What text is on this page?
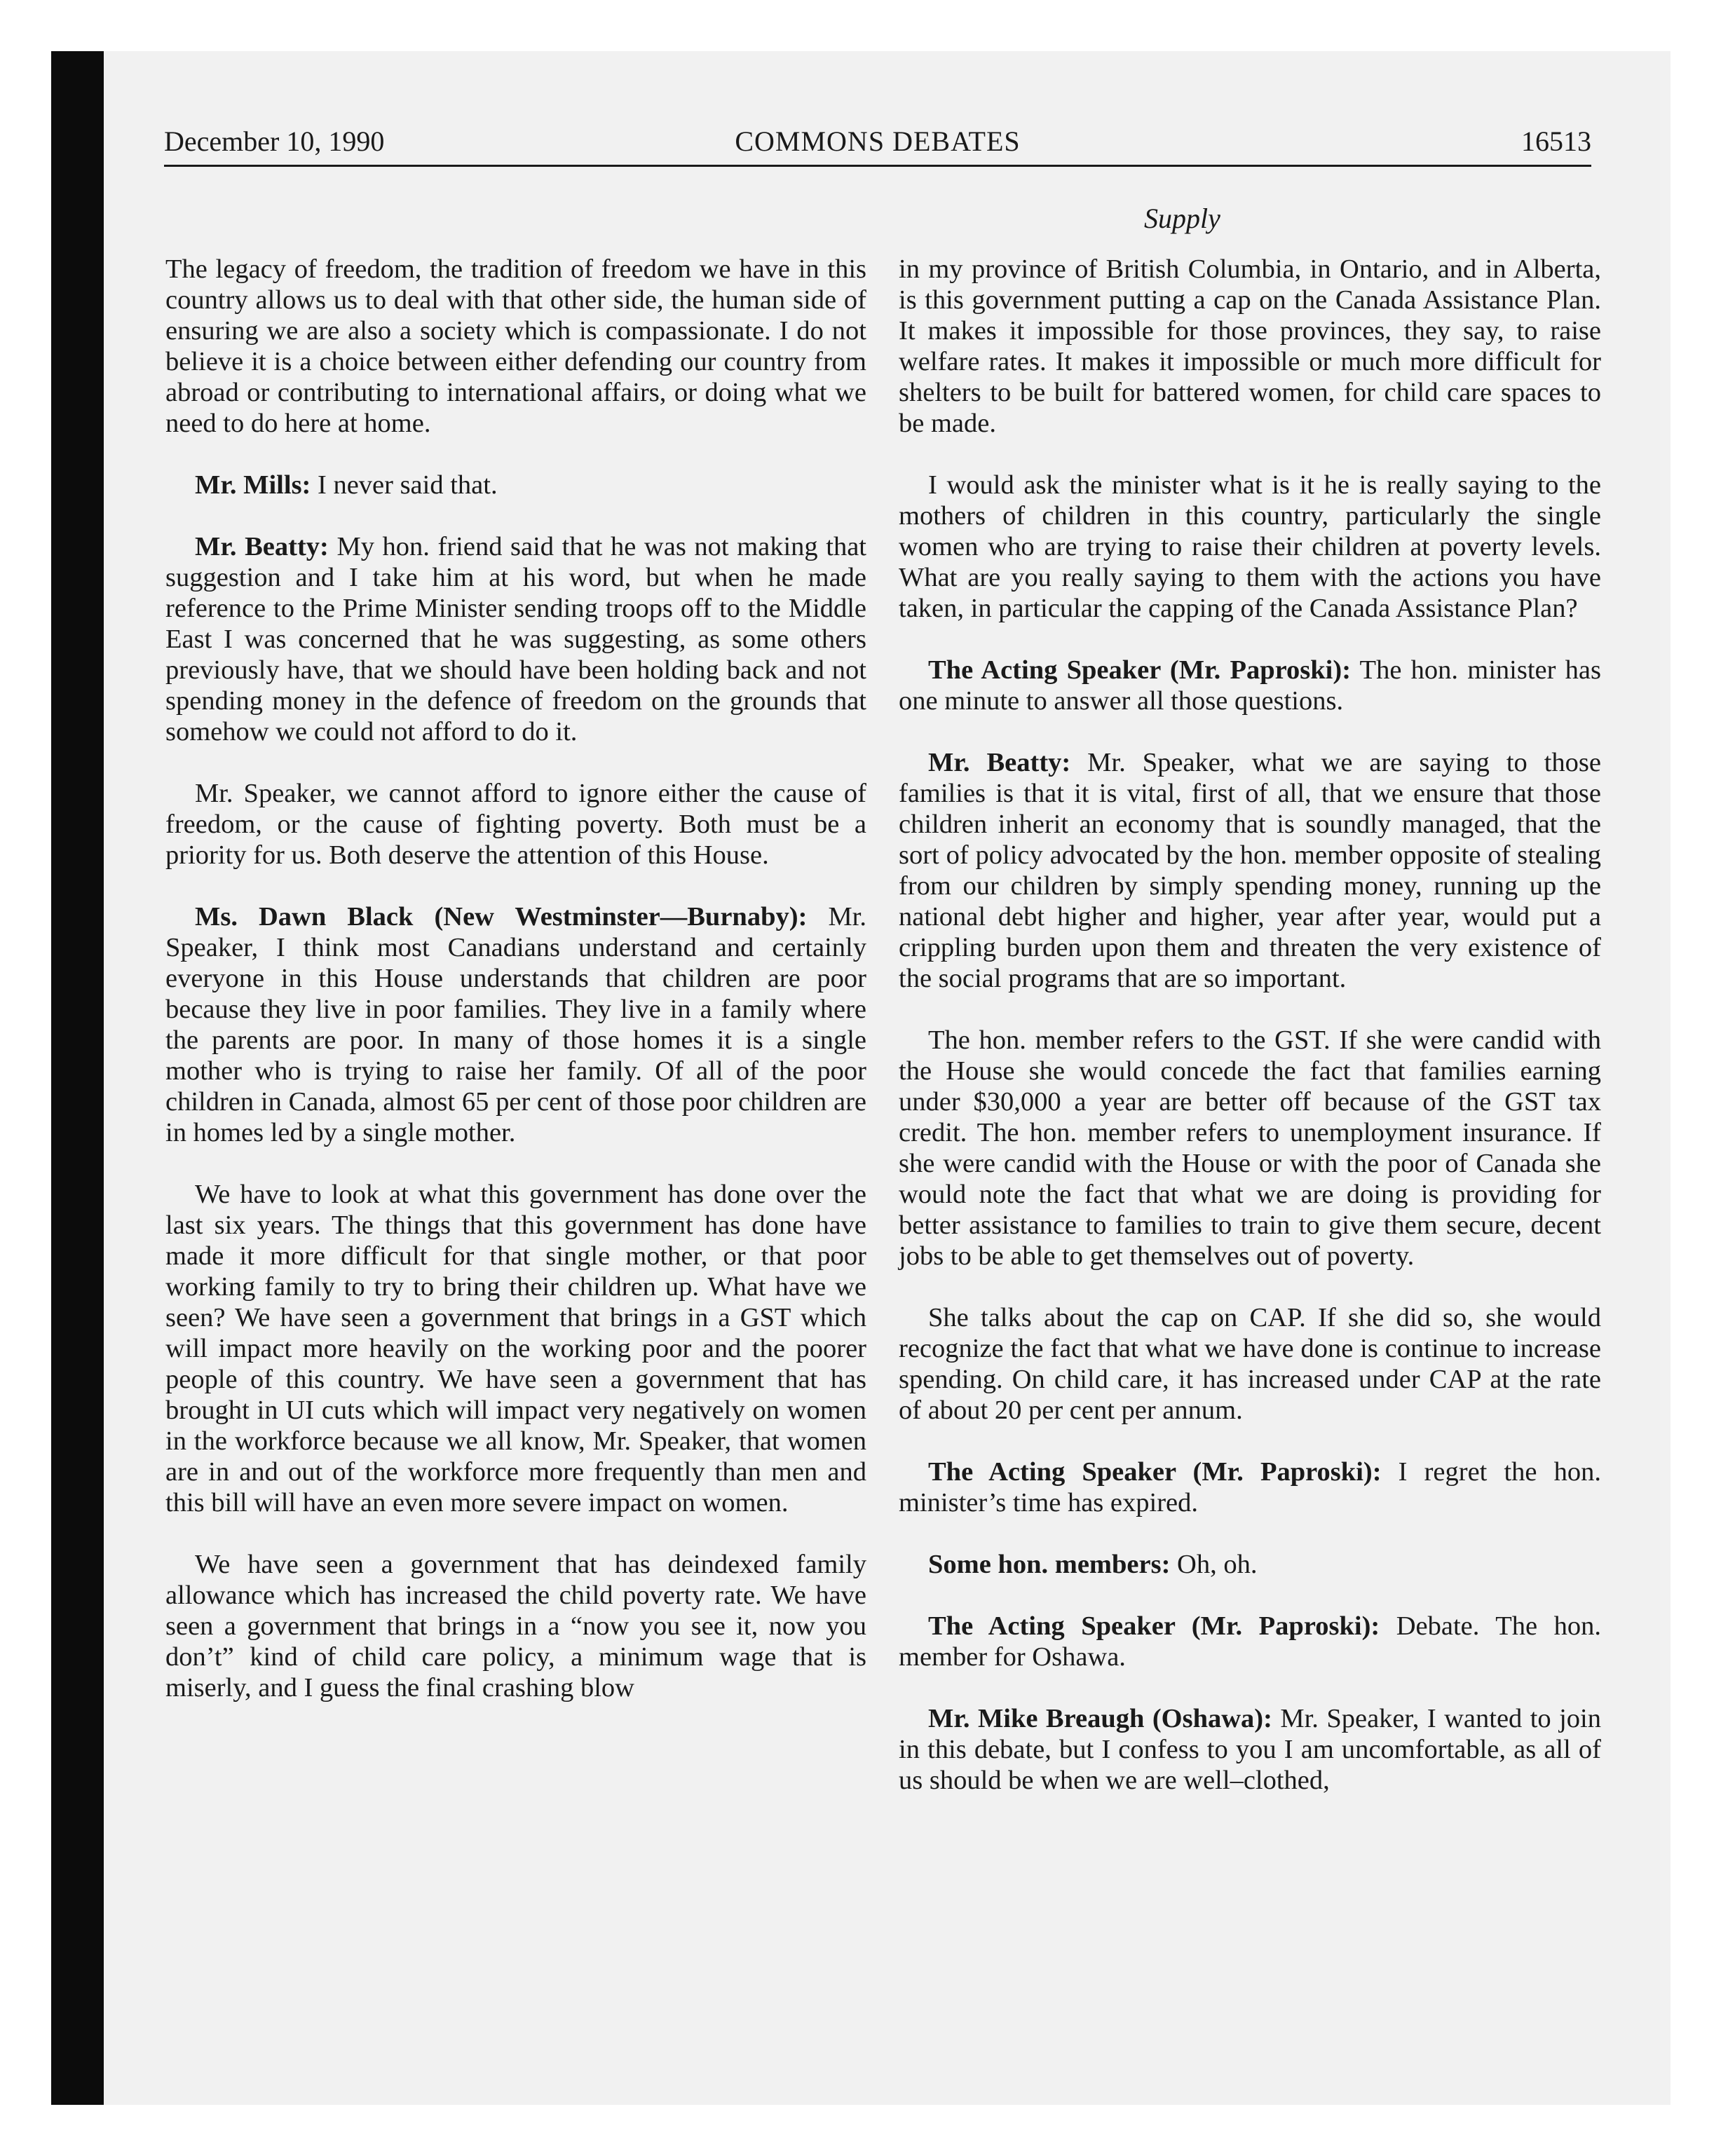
December 10, 1990	COMMONS DEBATES	16513
Supply

The legacy of freedom, the tradition of freedom we have in this country allows us to deal with that other side, the human side of ensuring we are also a society which is compassionate. I do not believe it is a choice between either defending our country from abroad or contributing to international affairs, or doing what we need to do here at home.

Mr. Mills: I never said that.

Mr. Beatty: My hon. friend said that he was not making that suggestion and I take him at his word, but when he made reference to the Prime Minister sending troops off to the Middle East I was concerned that he was suggesting, as some others previously have, that we should have been holding back and not spending money in the defence of freedom on the grounds that somehow we could not afford to do it.

Mr. Speaker, we cannot afford to ignore either the cause of freedom, or the cause of fighting poverty. Both must be a priority for us. Both deserve the attention of this House.

Ms. Dawn Black (New Westminster—Burnaby): Mr. Speaker, I think most Canadians understand and certainly everyone in this House understands that children are poor because they live in poor families. They live in a family where the parents are poor. In many of those homes it is a single mother who is trying to raise her family. Of all of the poor children in Canada, almost 65 per cent of those poor children are in homes led by a single mother.

We have to look at what this government has done over the last six years. The things that this government has done have made it more difficult for that single mother, or that poor working family to try to bring their children up. What have we seen? We have seen a government that brings in a GST which will impact more heavily on the working poor and the poorer people of this country. We have seen a government that has brought in UI cuts which will impact very negatively on women in the workforce because we all know, Mr. Speaker, that women are in and out of the workforce more frequently than men and this bill will have an even more severe impact on women.

We have seen a government that has deindexed family allowance which has increased the child poverty rate. We have seen a government that brings in a “now you see it, now you don’t” kind of child care policy, a minimum wage that is miserly, and I guess the final crashing blow

in my province of British Columbia, in Ontario, and in Alberta, is this government putting a cap on the Canada Assistance Plan. It makes it impossible for those provinces, they say, to raise welfare rates. It makes it impossible or much more difficult for shelters to be built for battered women, for child care spaces to be made.

I would ask the minister what is it he is really saying to the mothers of children in this country, particularly the single women who are trying to raise their children at poverty levels. What are you really saying to them with the actions you have taken, in particular the capping of the Canada Assistance Plan?

The Acting Speaker (Mr. Paproski): The hon. minister has one minute to answer all those questions.

Mr. Beatty: Mr. Speaker, what we are saying to those families is that it is vital, first of all, that we ensure that those children inherit an economy that is soundly managed, that the sort of policy advocated by the hon. member opposite of stealing from our children by simply spending money, running up the national debt higher and higher, year after year, would put a crippling burden upon them and threaten the very existence of the social programs that are so important.

The hon. member refers to the GST. If she were candid with the House she would concede the fact that families earning under $30,000 a year are better off because of the GST tax credit. The hon. member refers to unemployment insurance. If she were candid with the House or with the poor of Canada she would note the fact that what we are doing is providing for better assistance to families to train to give them secure, decent jobs to be able to get themselves out of poverty.

She talks about the cap on CAP. If she did so, she would recognize the fact that what we have done is continue to increase spending. On child care, it has increased under CAP at the rate of about 20 per cent per annum.

The Acting Speaker (Mr. Paproski): I regret the hon. minister’s time has expired.

Some hon. members: Oh, oh.

The Acting Speaker (Mr. Paproski): Debate. The hon. member for Oshawa.

Mr. Mike Breaugh (Oshawa): Mr. Speaker, I wanted to join in this debate, but I confess to you I am uncomfortable, as all of us should be when we are well–clothed,
